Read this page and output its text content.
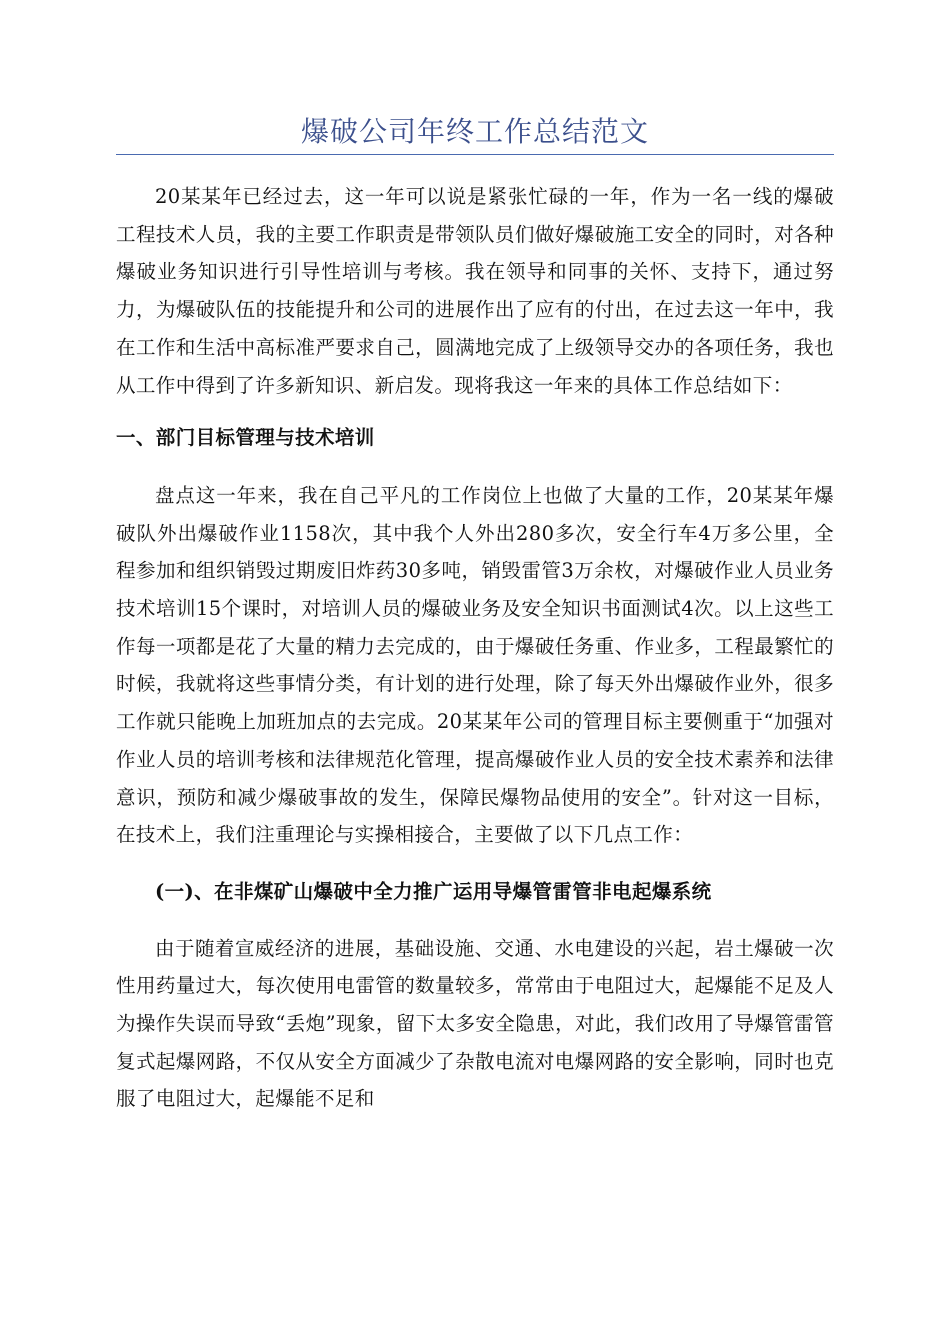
爆破公司年终工作总结范文

20某某年已经过去，这一年可以说是紧张忙碌的一年，作为一名一线的爆破工程技术人员，我的主要工作职责是带领队员们做好爆破施工安全的同时，对各种爆破业务知识进行引导性培训与考核。我在领导和同事的关怀、支持下，通过努力，为爆破队伍的技能提升和公司的进展作出了应有的付出，在过去这一年中，我在工作和生活中高标准严要求自己，圆满地完成了上级领导交办的各项任务，我也从工作中得到了许多新知识、新启发。现将我这一年来的具体工作总结如下：

一、部门目标管理与技术培训

盘点这一年来，我在自己平凡的工作岗位上也做了大量的工作，20某某年爆破队外出爆破作业1158次，其中我个人外出280多次，安全行车4万多公里，全程参加和组织销毁过期废旧炸药30多吨，销毁雷管3万余枚，对爆破作业人员业务技术培训15个课时，对培训人员的爆破业务及安全知识书面测试4次。以上这些工作每一项都是花了大量的精力去完成的，由于爆破任务重、作业多，工程最繁忙的时候，我就将这些事情分类，有计划的进行处理，除了每天外出爆破作业外，很多工作就只能晚上加班加点的去完成。20某某年公司的管理目标主要侧重于“加强对作业人员的培训考核和法律规范化管理，提高爆破作业人员的安全技术素养和法律意识，预防和减少爆破事故的发生，保障民爆物品使用的安全”。针对这一目标，在技术上，我们注重理论与实操相接合，主要做了以下几点工作：

(一)、在非煤矿山爆破中全力推广运用导爆管雷管非电起爆系统

由于随着宣威经济的进展，基础设施、交通、水电建设的兴起，岩土爆破一次性用药量过大，每次使用电雷管的数量较多，常常由于电阻过大，起爆能不足及人为操作失误而导致“丢炮”现象，留下太多安全隐患，对此，我们改用了导爆管雷管复式起爆网路，不仅从安全方面减少了杂散电流对电爆网路的安全影响，同时也克服了电阻过大，起爆能不足和
